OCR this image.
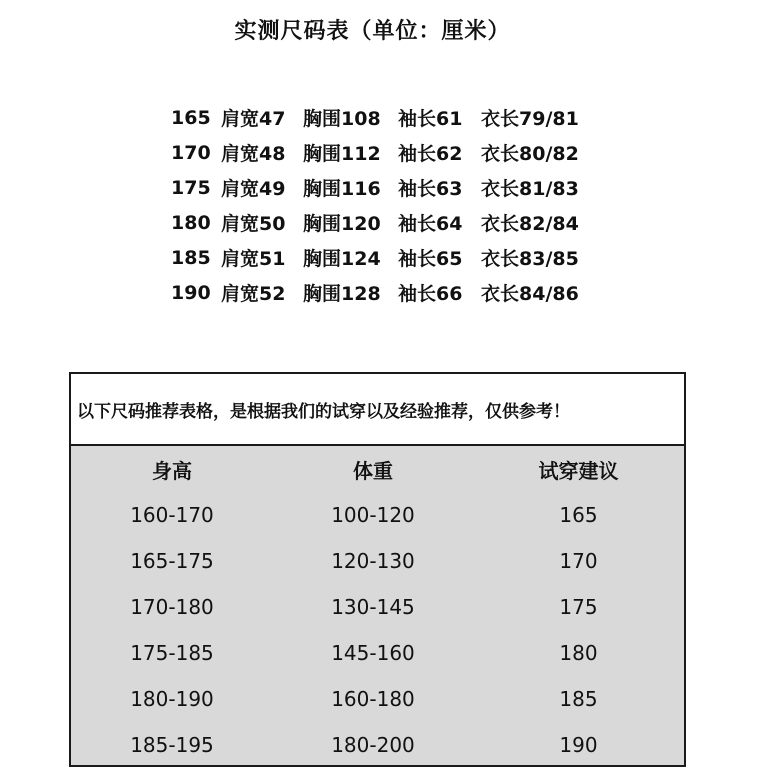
实测尺码表（单位：厘米）
165 肩宽47 胸围108 袖长61 衣长79/81
170 肩宽48 胸围112 袖长62 衣长80/82
175 肩宽49 胸围116 袖长63 衣长81/83
180 肩宽50 胸围120 袖长64 衣长82/84
185 肩宽51 胸围124 袖长65 衣长83/85
190 肩宽52 胸围128 袖长66 衣长84/86
以下尺码推荐表格，是根据我们的试穿以及经验推荐，仅供参考！
身高	体重	试穿建议
160-170	100-120	165
165-175	120-130	170
170-180	130-145	175
175-185	145-160	180
180-190	160-180	185
185-195	180-200	190
